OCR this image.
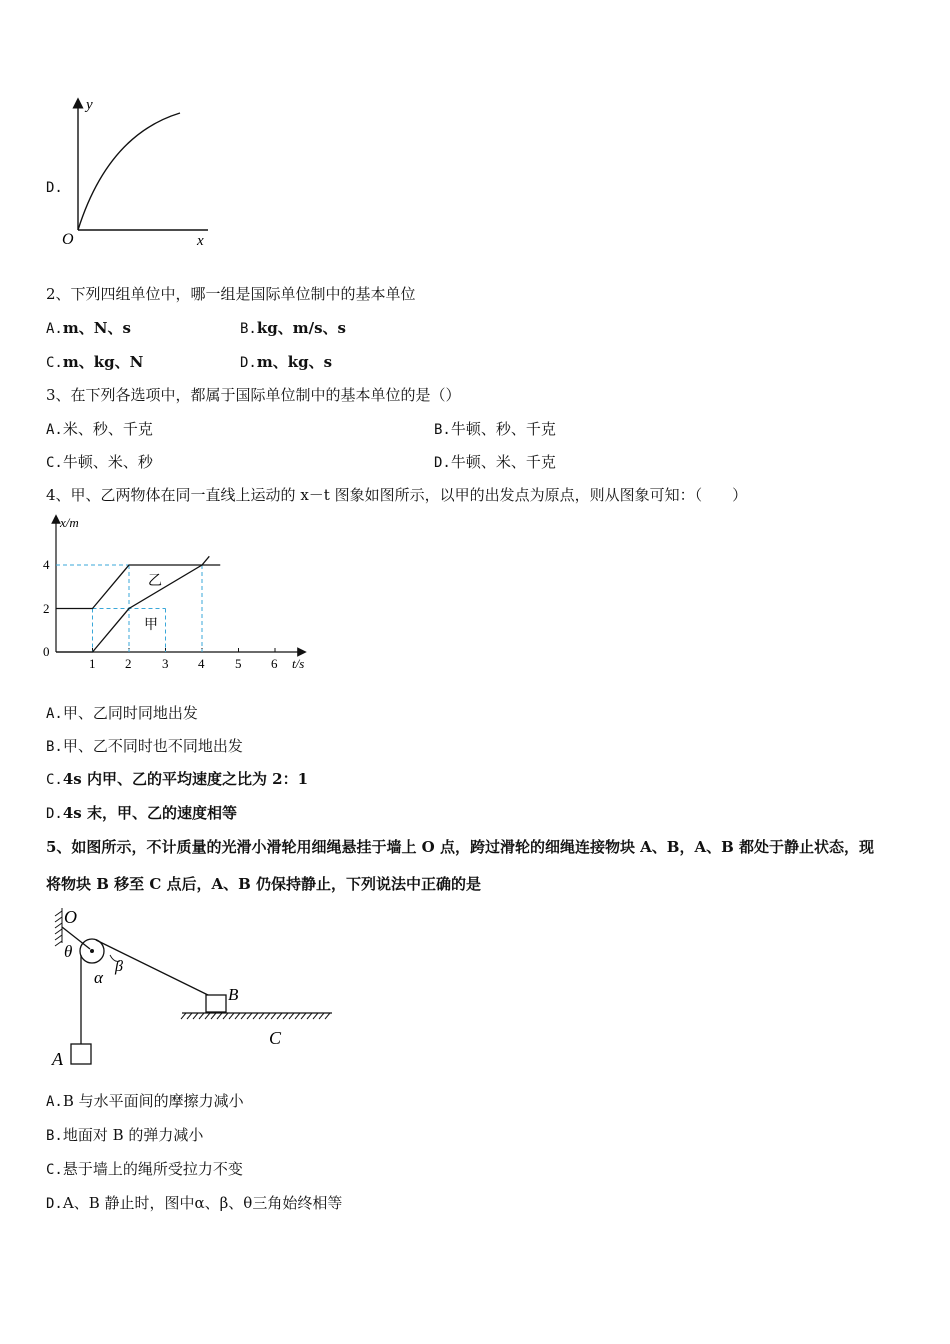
D.
y
O	x
2、下列四组单位中，哪一组是国际单位制中的基本单位
A.m、N、s	B.kg、m/s、s
C.m、kg、N	D.m、kg、s
3、在下列各选项中，都属于国际单位制中的基本单位的是（）
A.米、秒、千克	B.牛顿、秒、千克
C.牛顿、米、秒	D.牛顿、米、千克
4、甲、乙两物体在同一直线上运动的 x－t 图象如图所示，以甲的出发点为原点，则从图象可知：（　　）
x/m
t/s
4
2
0
1 2 3 4 5 6
乙
甲
A.甲、乙同时同地出发
B.甲、乙不同时也不同地出发
C.4s 内甲、乙的平均速度之比为 2：1
D.4s 末，甲、乙的速度相等
5、如图所示，不计质量的光滑小滑轮用细绳悬挂于墙上 O 点，跨过滑轮的细绳连接物块 A、B，A、B 都处于静止状态，现
将物块 B 移至 C 点后，A、B 仍保持静止，下列说法中正确的是
O
θ
α
β
A
B
C
A.B 与水平面间的摩擦力减小
B.地面对 B 的弹力减小
C.悬于墙上的绳所受拉力不变
D.A、B 静止时，图中α、β、θ三角始终相等
